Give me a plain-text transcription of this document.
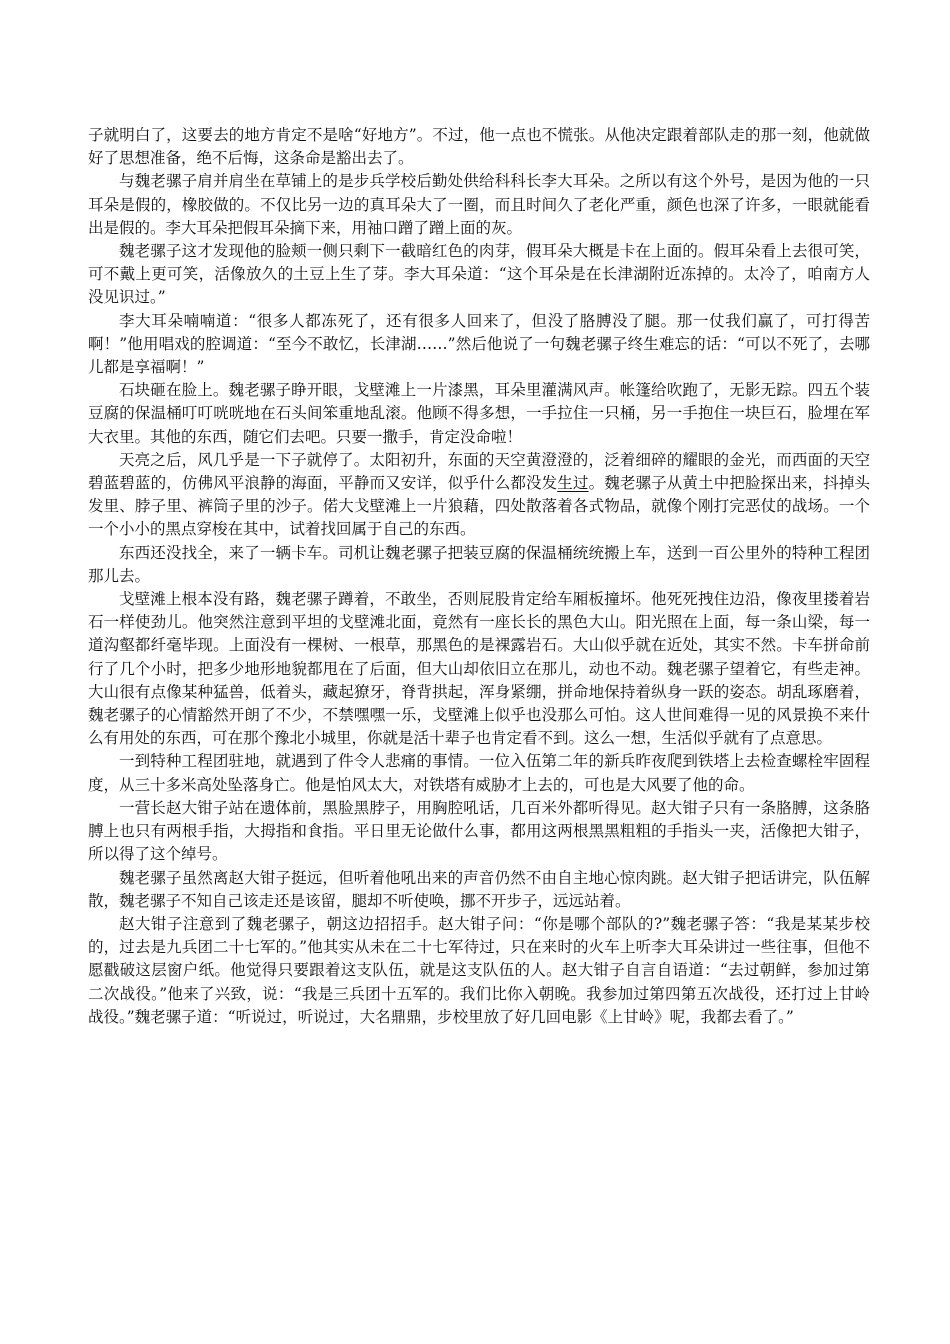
子就明白了，这要去的地方肯定不是啥“好地方”。不过，他一点也不慌张。从他决定跟着部队走的那一刻，他就做好了思想准备，绝不后悔，这条命是豁出去了。

与魏老骡子肩并肩坐在草铺上的是步兵学校后勤处供给科科长李大耳朵。之所以有这个外号，是因为他的一只耳朵是假的，橡胶做的。不仅比另一边的真耳朵大了一圈，而且时间久了老化严重，颜色也深了许多，一眼就能看出是假的。李大耳朵把假耳朵摘下来，用袖口蹭了蹭上面的灰。

魏老骡子这才发现他的脸颊一侧只剩下一截暗红色的肉芽，假耳朵大概是卡在上面的。假耳朵看上去很可笑，可不戴上更可笑，活像放久的土豆上生了芽。李大耳朵道：“这个耳朵是在长津湖附近冻掉的。太冷了，咱南方人没见识过。”

李大耳朵喃喃道：“很多人都冻死了，还有很多人回来了，但没了胳膊没了腿。那一仗我们赢了，可打得苦啊！”他用唱戏的腔调道：“至今不敢忆，长津湖……”然后他说了一句魏老骡子终生难忘的话：“可以不死了，去哪儿都是享福啊！”

石块砸在脸上。魏老骡子睁开眼，戈壁滩上一片漆黑，耳朵里灌满风声。帐篷给吹跑了，无影无踪。四五个装豆腐的保温桶叮叮咣咣地在石头间笨重地乱滚。他顾不得多想，一手拉住一只桶，另一手抱住一块巨石，脸埋在军大衣里。其他的东西，随它们去吧。只要一撒手，肯定没命啦！

天亮之后，风几乎是一下子就停了。太阳初升，东面的天空黄澄澄的，泛着细碎的耀眼的金光，而西面的天空碧蓝碧蓝的，仿佛风平浪静的海面，平静而又安详，似乎什么都没发生过。魏老骡子从黄土中把脸探出来，抖掉头发里、脖子里、裤筒子里的沙子。偌大戈壁滩上一片狼藉，四处散落着各式物品，就像个刚打完恶仗的战场。一个一个小小的黑点穿梭在其中，试着找回属于自己的东西。

东西还没找全，来了一辆卡车。司机让魏老骡子把装豆腐的保温桶统统搬上车，送到一百公里外的特种工程团那儿去。

戈壁滩上根本没有路，魏老骡子蹲着，不敢坐，否则屁股肯定给车厢板撞坏。他死死拽住边沿，像夜里搂着岩石一样使劲儿。他突然注意到平坦的戈壁滩北面，竟然有一座长长的黑色大山。阳光照在上面，每一条山梁，每一道沟壑都纤毫毕现。上面没有一棵树、一根草，那黑色的是裸露岩石。大山似乎就在近处，其实不然。卡车拼命前行了几个小时，把多少地形地貌都甩在了后面，但大山却依旧立在那儿，动也不动。魏老骡子望着它，有些走神。大山很有点像某种猛兽，低着头，藏起獠牙，脊背拱起，浑身紧绷，拼命地保持着纵身一跃的姿态。胡乱琢磨着，魏老骡子的心情豁然开朗了不少，不禁嘿嘿一乐，戈壁滩上似乎也没那么可怕。这人世间难得一见的风景换不来什么有用处的东西，可在那个豫北小城里，你就是活十辈子也肯定看不到。这么一想，生活似乎就有了点意思。

一到特种工程团驻地，就遇到了件令人悲痛的事情。一位入伍第二年的新兵昨夜爬到铁塔上去检查螺栓牢固程度，从三十多米高处坠落身亡。他是怕风太大，对铁塔有威胁才上去的，可也是大风要了他的命。

一营长赵大钳子站在遗体前，黑脸黑脖子，用胸腔吼话，几百米外都听得见。赵大钳子只有一条胳膊，这条胳膊上也只有两根手指，大拇指和食指。平日里无论做什么事，都用这两根黑黑粗粗的手指头一夹，活像把大钳子，所以得了这个绰号。

魏老骡子虽然离赵大钳子挺远，但听着他吼出来的声音仍然不由自主地心惊肉跳。赵大钳子把话讲完，队伍解散，魏老骡子不知自己该走还是该留，腿却不听使唤，挪不开步子，远远站着。

赵大钳子注意到了魏老骡子，朝这边招招手。赵大钳子问：“你是哪个部队的?”魏老骡子答：“我是某某步校的，过去是九兵团二十七军的。”他其实从未在二十七军待过，只在来时的火车上听李大耳朵讲过一些往事，但他不愿戳破这层窗户纸。他觉得只要跟着这支队伍，就是这支队伍的人。赵大钳子自言自语道：“去过朝鲜，参加过第二次战役。”他来了兴致，说：“我是三兵团十五军的。我们比你入朝晚。我参加过第四第五次战役，还打过上甘岭战役。”魏老骡子道：“听说过，听说过，大名鼎鼎，步校里放了好几回电影《上甘岭》呢，我都去看了。”
